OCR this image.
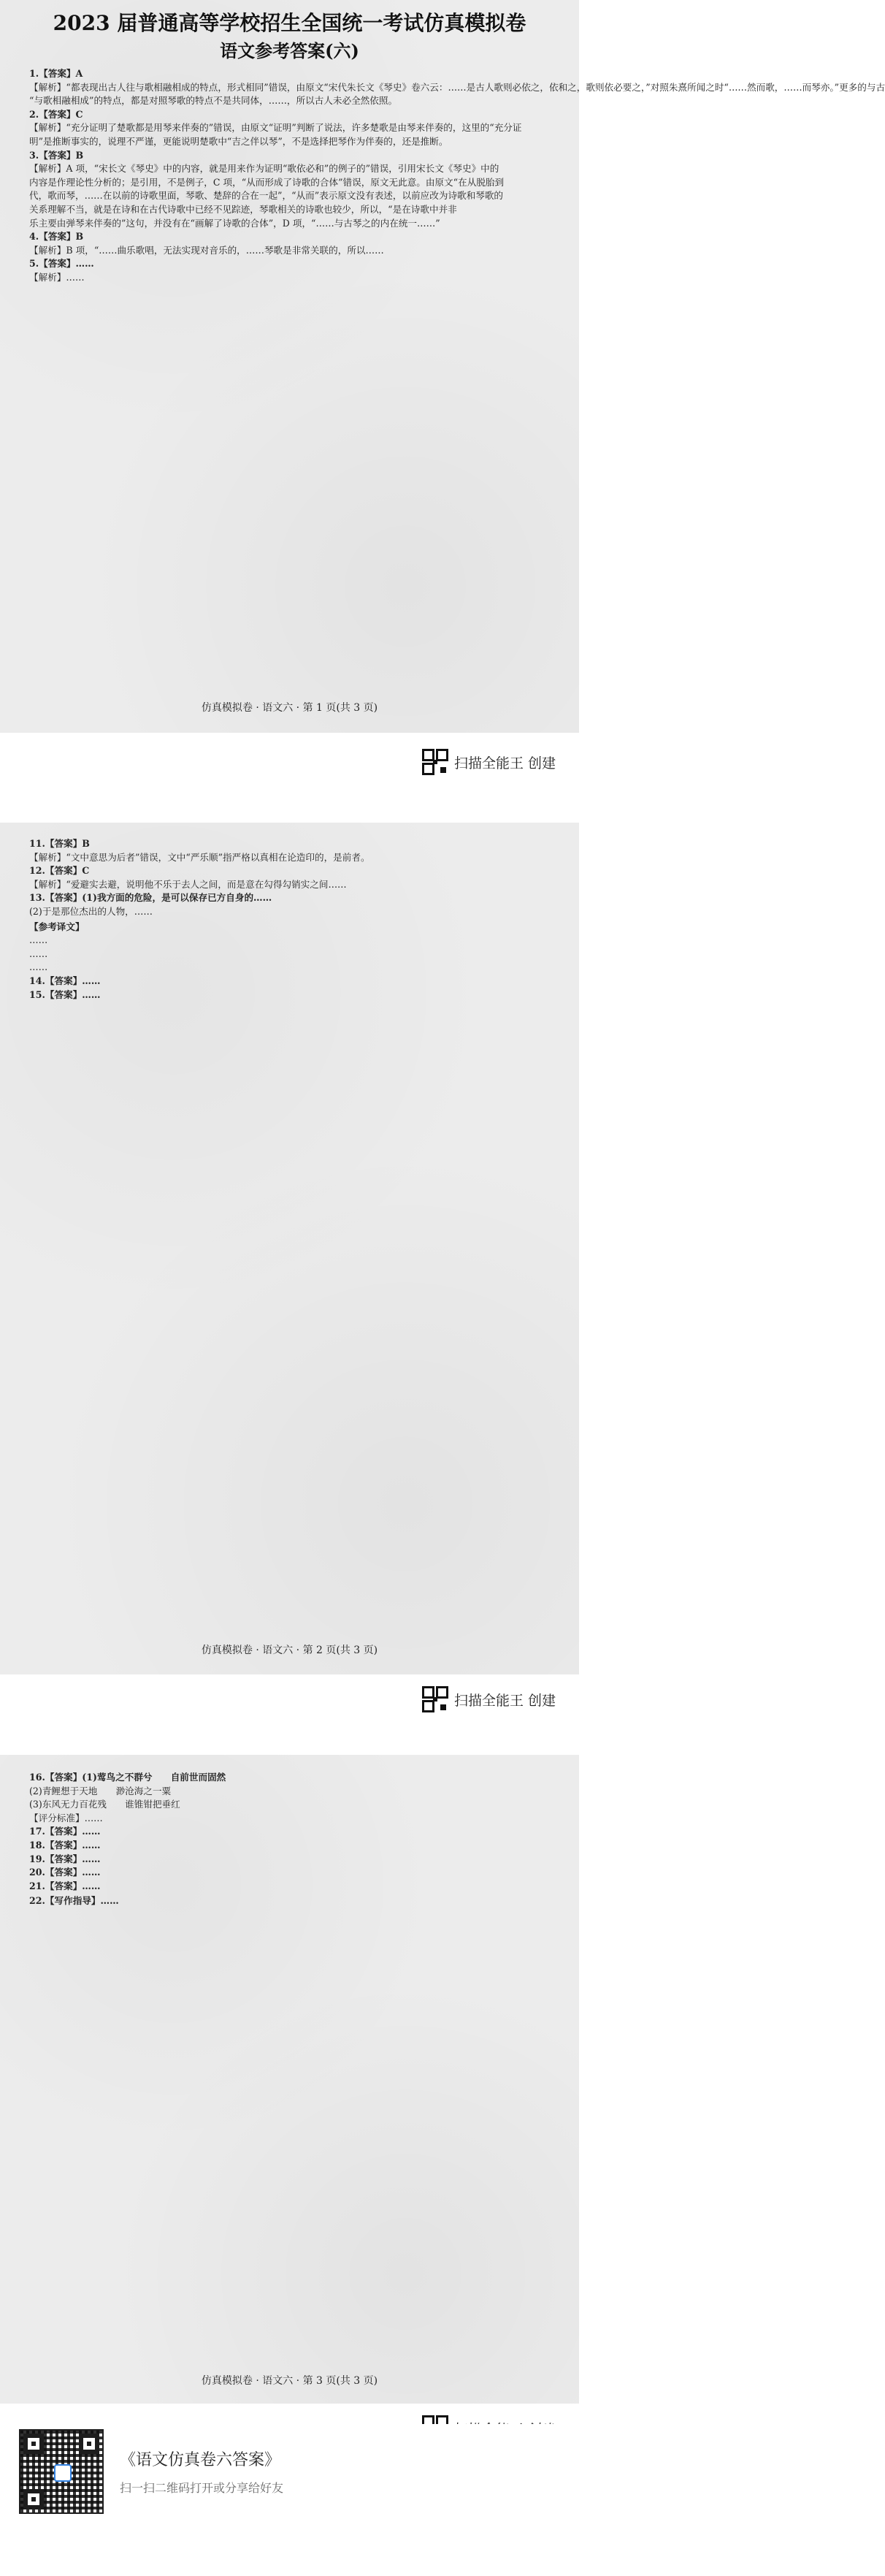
2023 届普通高等学校招生全国统一考试仿真模拟卷
语文参考答案(六)
1.【答案】A
【解析】“都表现出古人往与歌相融相成的特点，形式相同”错误，由原文“宋代朱长文《琴史》卷六云：……是古人歌则必依之，依和之，歌则依必要之，”对照朱熹所闻之时“……然而歌，……而琴亦。”更多的与古
“与歌相融相成”的特点，都是对照琴歌的特点不是共同体，……，所以古人未必全然依照。
2.【答案】C
【解析】“充分证明了楚歌都是用琴来伴奏的”错误，由原文“证明”判断了说法，许多楚歌是由琴来伴奏的，这里的“充分证
明”是推断事实的，说理不严谨，更能说明楚歌中“吉之伴以琴”，不是选择把琴作为伴奏的，还是推断。
3.【答案】B
【解析】A 项，“宋长文《琴史》中的内容，就是用来作为证明“歌依必和”的例子的”错误，引用宋长文《琴史》中的
内容是作理论性分析的；是引用，不是例子，C 项，“从而形成了诗歌的合体”错误，原文无此意。由原文“在从脱胎到
代，歌而琴，……在以前的诗歌里面，琴歌、楚辞的合在一起”，“从而”表示原文没有表述，以前应改为诗歌和琴歌的
关系理解不当，就是在诗和在古代诗歌中已经不见踪迹，琴歌相关的诗歌也较少，所以，“是在诗歌中并非
乐主要由弹琴来伴奏的”这句，并没有在“画解了诗歌的合体”，D 项，“……与古琴之的内在统一……”
4.【答案】B
【解析】B 项，“……曲乐歌唱，无法实现对音乐的，……琴歌是非常关联的，所以……
5.【答案】……
【解析】……
仿真模拟卷 · 语文六 · 第 1 页(共 3 页)
扫描全能王 创建
11.【答案】B
【解析】“文中意思为后者”错误，文中“严乐顺”指严格以真相在论造印的，是前者。
12.【答案】C
【解析】“爱避实去避，说明他不乐于去人之间，而是意在勾得勾销实之间……
13.【答案】(1)我方面的危险，是可以保存已方自身的……
(2)于是那位杰出的人物，……
【参考译文】
……
……
……
14.【答案】……
15.【答案】……
仿真模拟卷 · 语文六 · 第 2 页(共 3 页)
扫描全能王 创建
16.【答案】(1)莺鸟之不群兮　　自前世而固然
(2)青鲤想于天地　　渺沧海之一粟
(3)东风无力百花残　　谁锥钳把垂红
【评分标准】……
17.【答案】……
18.【答案】……
19.【答案】……
20.【答案】……
21.【答案】……
22.【写作指导】……
仿真模拟卷 · 语文六 · 第 3 页(共 3 页)
《语文仿真卷六答案》
扫一扫二维码打开或分享给好友
